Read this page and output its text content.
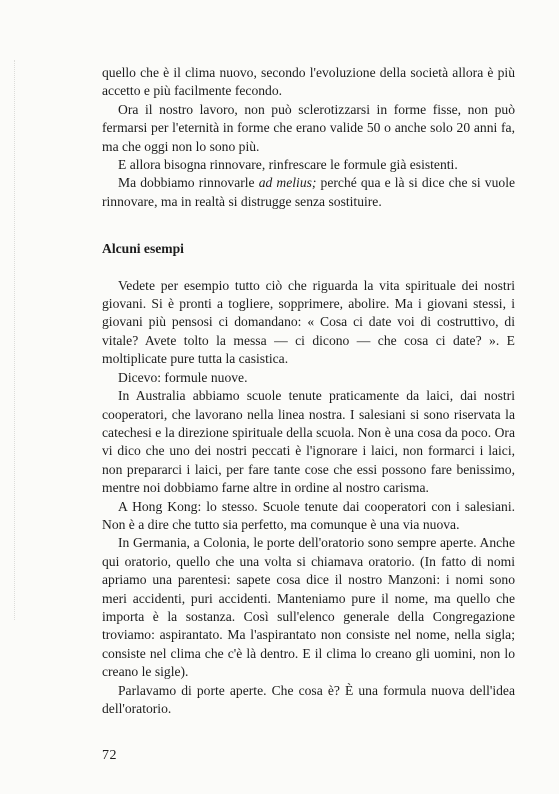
quello che è il clima nuovo, secondo l'evoluzione della società allora è più accetto e più facilmente fecondo.

Ora il nostro lavoro, non può sclerotizzarsi in forme fisse, non può fermarsi per l'eternità in forme che erano valide 50 o anche solo 20 anni fa, ma che oggi non lo sono più.

E allora bisogna rinnovare, rinfrescare le formule già esistenti.

Ma dobbiamo rinnovarle ad melius; perché qua e là si dice che si vuole rinnovare, ma in realtà si distrugge senza sostituire.

Alcuni esempi

Vedete per esempio tutto ciò che riguarda la vita spirituale dei nostri giovani. Si è pronti a togliere, sopprimere, abolire. Ma i giovani stessi, i giovani più pensosi ci domandano: « Cosa ci date voi di costruttivo, di vitale? Avete tolto la messa — ci dicono — che cosa ci date? ». E moltiplicate pure tutta la casistica.

Dicevo: formule nuove.

In Australia abbiamo scuole tenute praticamente da laici, dai nostri cooperatori, che lavorano nella linea nostra. I salesiani si sono riservata la catechesi e la direzione spirituale della scuola. Non è una cosa da poco. Ora vi dico che uno dei nostri peccati è l'ignorare i laici, non formarci i laici, non prepararci i laici, per fare tante cose che essi possono fare benissimo, mentre noi dobbiamo farne altre in ordine al nostro carisma.

A Hong Kong: lo stesso. Scuole tenute dai cooperatori con i salesiani. Non è a dire che tutto sia perfetto, ma comunque è una via nuova.

In Germania, a Colonia, le porte dell'oratorio sono sempre aperte. Anche qui oratorio, quello che una volta si chiamava oratorio. (In fatto di nomi apriamo una parentesi: sapete cosa dice il nostro Manzoni: i nomi sono meri accidenti, puri accidenti. Manteniamo pure il nome, ma quello che importa è la sostanza. Così sull'elenco generale della Congregazione troviamo: aspirantato. Ma l'aspirantato non consiste nel nome, nella sigla; consiste nel clima che c'è là dentro. E il clima lo creano gli uomini, non lo creano le sigle).

Parlavamo di porte aperte. Che cosa è? È una formula nuova dell'idea dell'oratorio.

72
